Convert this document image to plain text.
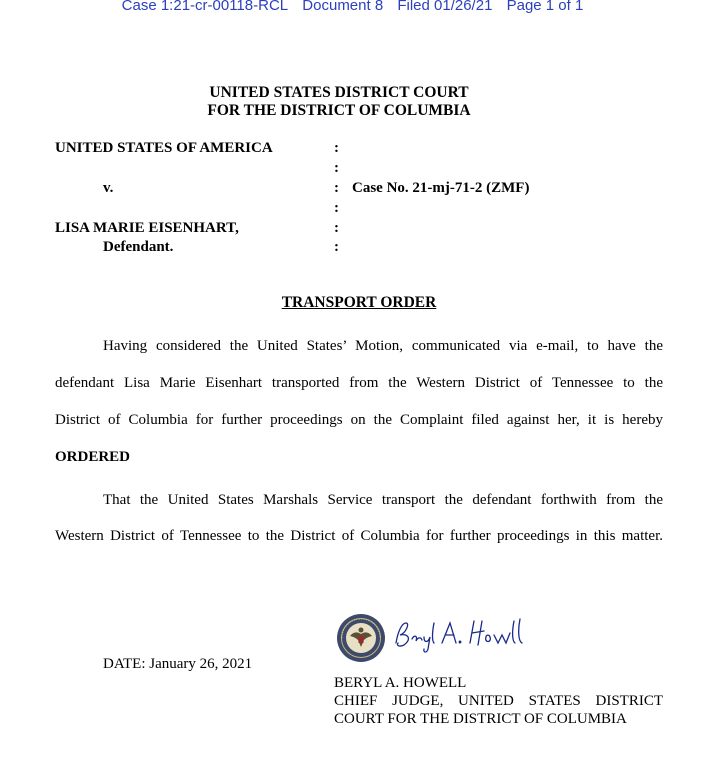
Case 1:21-cr-00118-RCL Document 8 Filed 01/26/21 Page 1 of 1
UNITED STATES DISTRICT COURT
FOR THE DISTRICT OF COLUMBIA
UNITED STATES OF AMERICA
v.
LISA MARIE EISENHART,
Defendant.
Case No. 21-mj-71-2 (ZMF)
:
:
:
:
:
:
TRANSPORT ORDER
Having considered the United States’ Motion, communicated via e-mail, to have the
defendant Lisa Marie Eisenhart transported from the Western District of Tennessee to the
District of Columbia for further proceedings on the Complaint filed against her, it is hereby
ORDERED
That the United States Marshals Service transport the defendant forthwith from the
Western District of Tennessee to the District of Columbia for further proceedings in this matter.
DATE: January 26, 2021
BERYL A. HOWELL
CHIEF JUDGE, UNITED STATES DISTRICT
COURT FOR THE DISTRICT OF COLUMBIA
